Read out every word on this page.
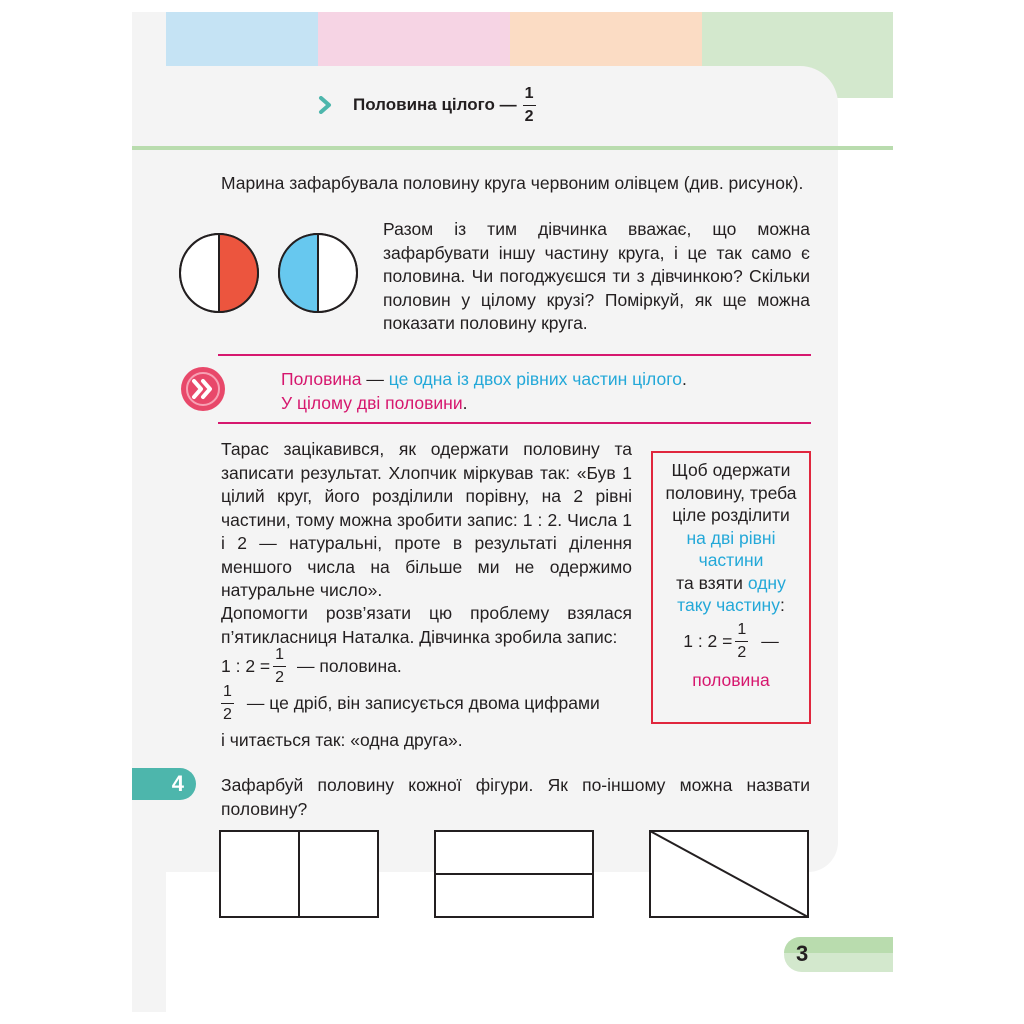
Половина цілого — $\frac{1}{2}$
Марина зафарбувала половину круга червоним олівцем (див. рисунок).
Разом із тим дівчинка вважає, що можна зафарбувати іншу частину круга, і це так само є половина. Чи погоджуєшся ти з дівчинкою? Скільки половин у цілому крузі? Поміркуй, як ще можна показати половину круга.
Половина — це одна із двох рівних частин цілого.
У цілому дві половини.
Тарас зацікавився, як одержати половину та записати результат. Хлопчик міркував так: «Був 1 цілий круг, його розділили порівну, на 2 рівні частини, тому можна зробити запис: 1 : 2. Числа 1 і 2 — натуральні, проте в результаті ділення меншого числа на більше ми не одержимо натуральне число».
Допомогти розв’язати цю проблему взялася п’ятикласниця Наталка. Дівчинка зробила запис:
1 : $2 = \frac{1}{2}$ — половина.
$\frac{1}{2}$ — це дріб, він записується двома цифрами
і читається так: «одна друга».
Щоб одержати половину, треба ціле розділити
на дві рівні частини
та взяти одну таку частину:
1 : $2 = \frac{1}{2}$ —
половина
4	Зафарбуй половину кожної фігури. Як по-іншому можна назвати половину?
3
